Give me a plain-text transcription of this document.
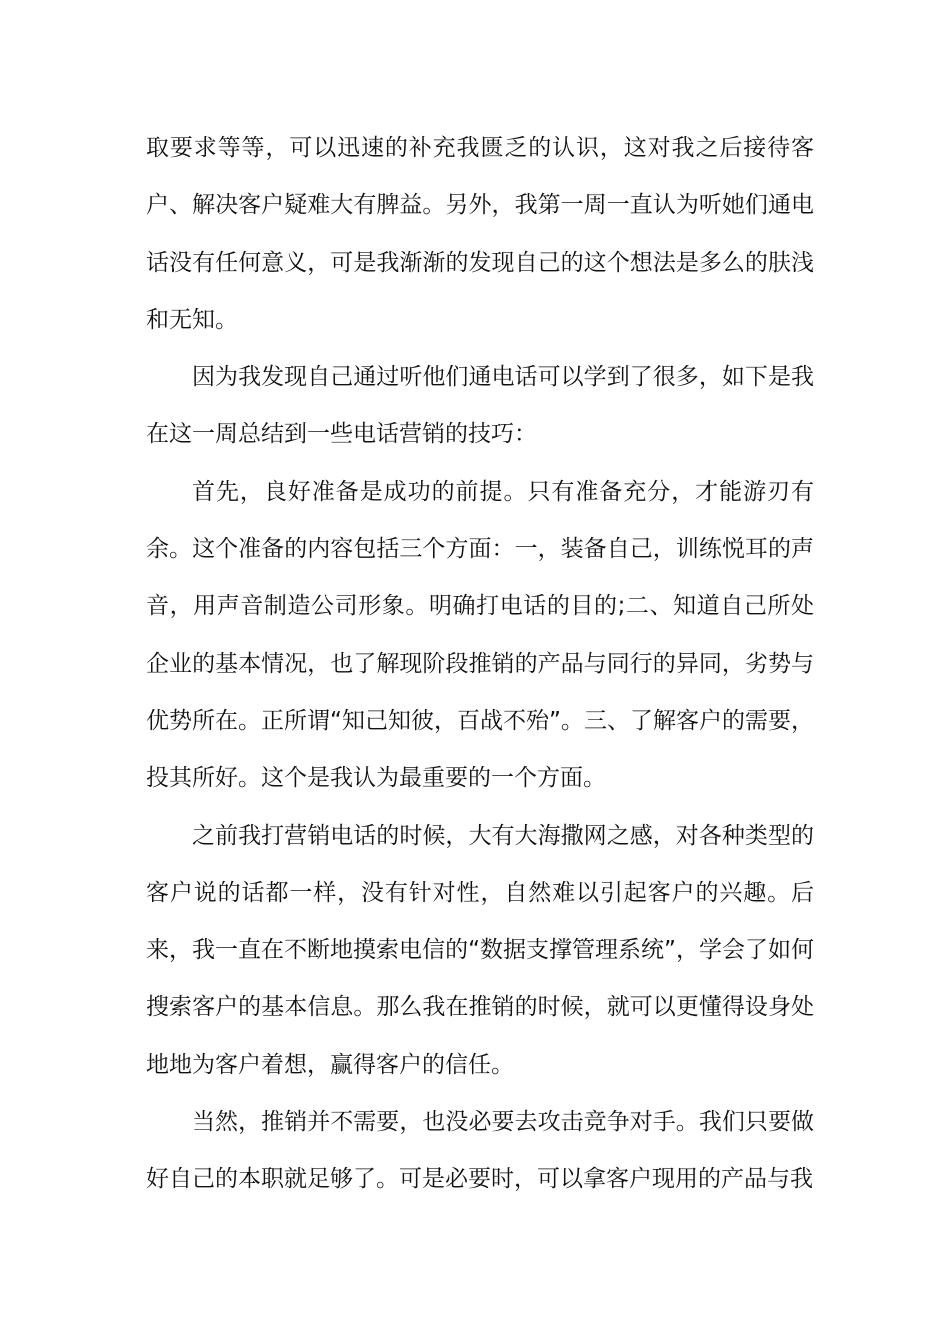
取要求等等，可以迅速的补充我匮乏的认识，这对我之后接待客户、解决客户疑难大有脾益。另外，我第一周一直认为听她们通电话没有任何意义，可是我渐渐的发现自己的这个想法是多么的肤浅和无知。

因为我发现自己通过听他们通电话可以学到了很多，如下是我在这一周总结到一些电话营销的技巧：

首先，良好准备是成功的前提。只有准备充分，才能游刃有余。这个准备的内容包括三个方面：一，装备自己，训练悦耳的声音，用声音制造公司形象。明确打电话的目的;二、知道自己所处企业的基本情况，也了解现阶段推销的产品与同行的异同，劣势与优势所在。正所谓“知己知彼，百战不殆”。三、了解客户的需要，投其所好。这个是我认为最重要的一个方面。

之前我打营销电话的时候，大有大海撒网之感，对各种类型的客户说的话都一样，没有针对性，自然难以引起客户的兴趣。后来，我一直在不断地摸索电信的“数据支撑管理系统”，学会了如何搜索客户的基本信息。那么我在推销的时候，就可以更懂得设身处地地为客户着想，赢得客户的信任。

当然，推销并不需要，也没必要去攻击竞争对手。我们只要做好自己的本职就足够了。可是必要时，可以拿客户现用的产品与我
